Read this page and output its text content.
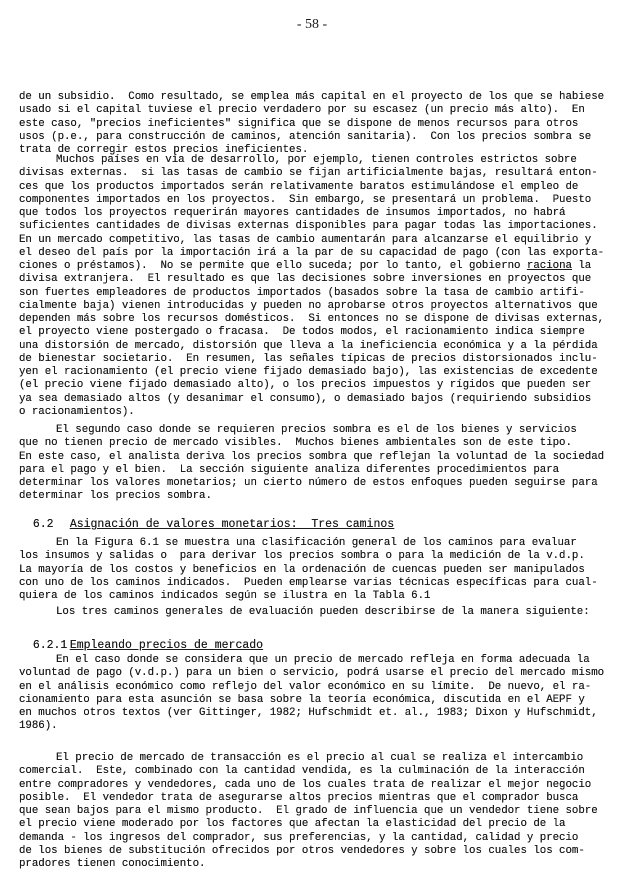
- 58 -
de un subsidio.  Como resultado, se emplea más capital en el proyecto de los que se habiese
usado si el capital tuviese el precio verdadero por su escasez (un precio más alto).  En
este caso, "precios ineficientes" significa que se dispone de menos recursos para otros
usos (p.e., para construcción de caminos, atención sanitaria).  Con los precios sombra se
trata de corregir estos precios ineficientes.
Muchos países en vía de desarrollo, por ejemplo, tienen controles estrictos sobre
divisas externas.  si las tasas de cambio se fijan artificialmente bajas, resultará enton-
ces que los productos importados serán relativamente baratos estimulándose el empleo de
componentes importados en los proyectos.  Sin embargo, se presentará un problema.  Puesto
que todos los proyectos requerirán mayores cantidades de insumos importados, no habrá
suficientes cantidades de divisas externas disponibles para pagar todas las importaciones.
En un mercado competitivo, las tasas de cambio aumentarán para alcanzarse el equilibrio y
el deseo del país por la importación irá a la par de su capacidad de pago (con las exporta-
ciones o préstamos).  No se permite que ello suceda; por lo tanto, el gobierno raciona la
divisa extranjera.  El resultado es que las decisiones sobre inversiones en proyectos que
son fuertes empleadores de productos importados (basados sobre la tasa de cambio artifi-
cialmente baja) vienen introducidas y pueden no aprobarse otros proyectos alternativos que
dependen más sobre los recursos domésticos.  Si entonces no se dispone de divisas externas,
el proyecto viene postergado o fracasa.  De todos modos, el racionamiento indica siempre
una distorsión de mercado, distorsión que lleva a la ineficiencia económica y a la pérdida
de bienestar societario.  En resumen, las señales típicas de precios distorsionados inclu-
yen el racionamiento (el precio viene fijado demasiado bajo), las existencias de excedente
(el precio viene fijado demasiado alto), o los precios impuestos y rígidos que pueden ser
ya sea demasiado altos (y desanimar el consumo), o demasiado bajos (requiriendo subsidios
o racionamientos).
El segundo caso donde se requieren precios sombra es el de los bienes y servicios
que no tienen precio de mercado visibles.  Muchos bienes ambientales son de este tipo.
En este caso, el analista deriva los precios sombra que reflejan la voluntad de la sociedad
para el pago y el bien.  La sección siguiente analiza diferentes procedimientos para
determinar los valores monetarios; un cierto número de estos enfoques pueden seguirse para
determinar los precios sombra.

6.2 Asignación de valores monetarios:  Tres caminos

En la Figura 6.1 se muestra una clasificación general de los caminos para evaluar
los insumos y salidas o  para derivar los precios sombra o para la medición de la v.d.p.
La mayoría de los costos y beneficios en la ordenación de cuencas pueden ser manipulados
con uno de los caminos indicados.  Pueden emplearse varias técnicas específicas para cual-
quiera de los caminos indicados según se ilustra en la Tabla 6.1
Los tres caminos generales de evaluación pueden describirse de la manera siguiente:

6.2.1 Empleando precios de mercado

En el caso donde se considera que un precio de mercado refleja en forma adecuada la
voluntad de pago (v.d.p.) para un bien o servicio, podrá usarse el precio del mercado mismo
en el análisis económico como reflejo del valor económico en su límite.  De nuevo, el ra-
cionamiento para esta asunción se basa sobre la teoría económica, discutida en el AEPF y
en muchos otros textos (ver Gittinger, 1982; Hufschmidt et. al., 1983; Dixon y Hufschmidt,
1986).
El precio de mercado de transacción es el precio al cual se realiza el intercambio
comercial.  Este, combinado con la cantidad vendida, es la culminación de la interacción
entre compradores y vendedores, cada uno de los cuales trata de realizar el mejor negocio
posible.  El vendedor trata de asegurarse altos precios mientras que el comprador busca
que sean bajos para el mismo producto.  El grado de influencia que un vendedor tiene sobre
el precio viene moderado por los factores que afectan la elasticidad del precio de la
demanda - los ingresos del comprador, sus preferencias, y la cantidad, calidad y precio
de los bienes de substitución ofrecidos por otros vendedores y sobre los cuales los com-
pradores tienen conocimiento.
